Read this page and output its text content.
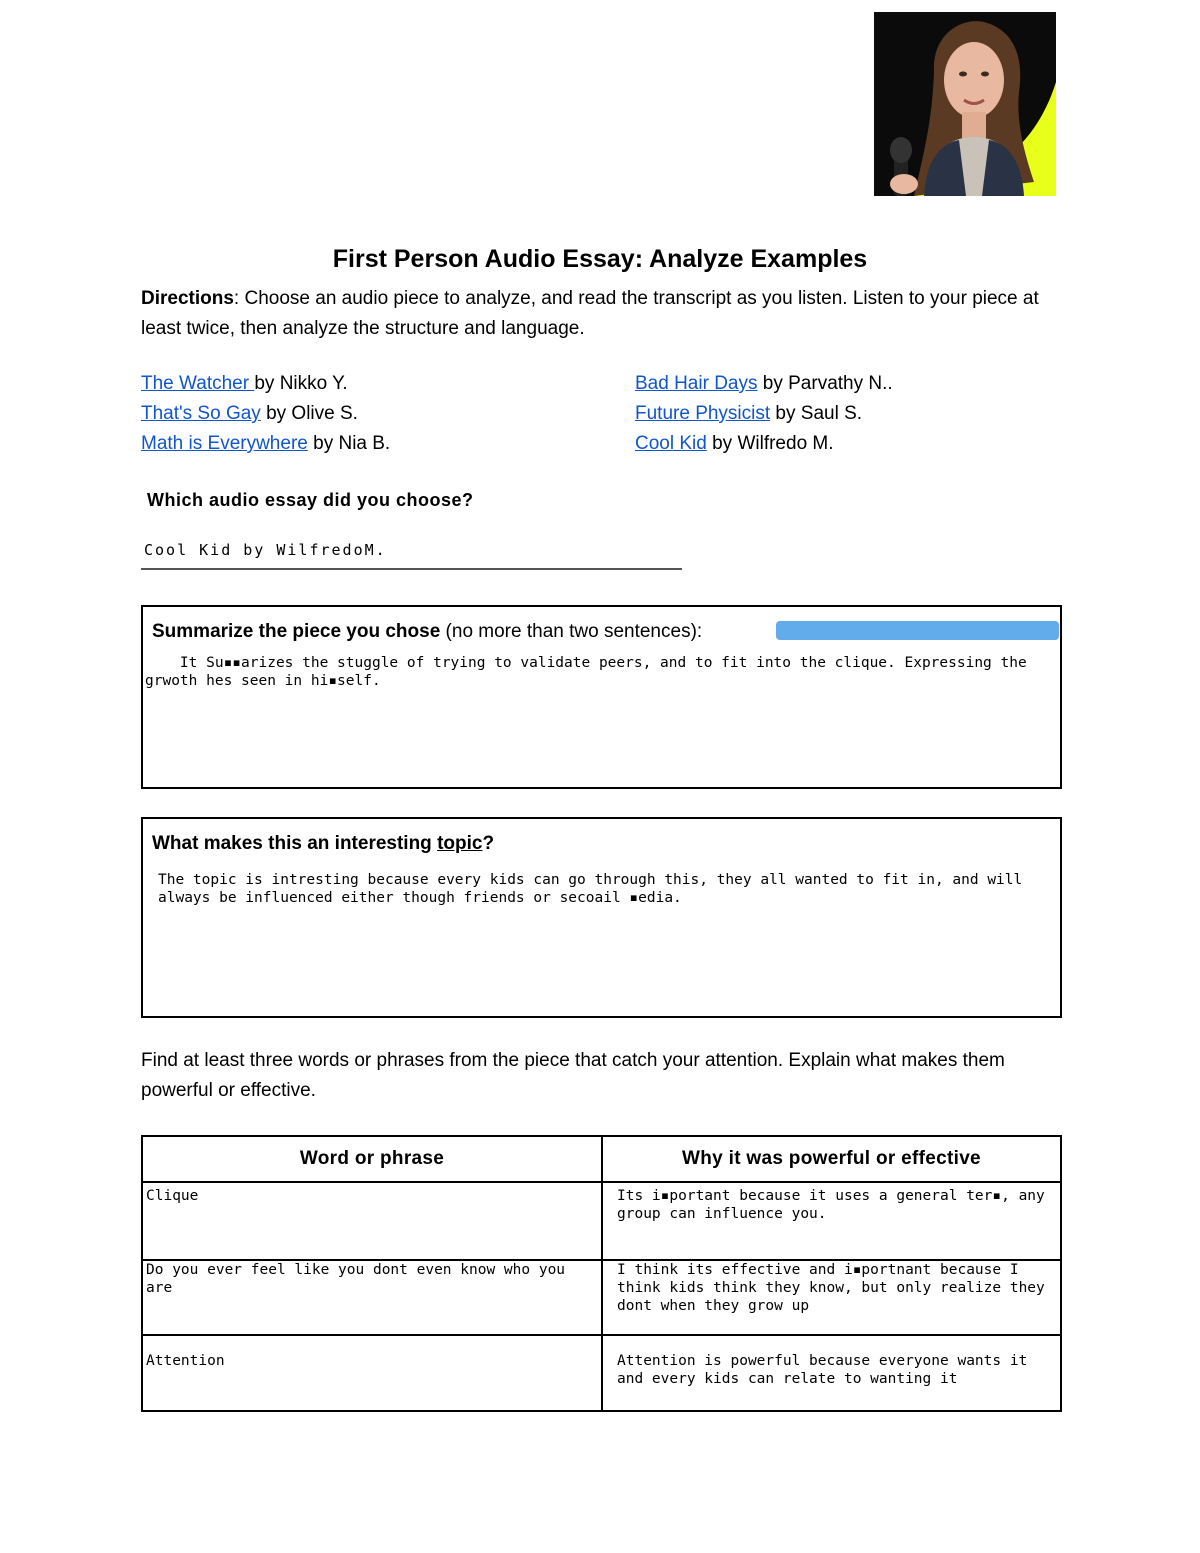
First Person Audio Essay: Analyze Examples
Directions: Choose an audio piece to analyze, and read the transcript as you listen. Listen to your piece at least twice, then analyze the structure and language.
The Watcher by Nikko Y.
That's So Gay by Olive S.
Math is Everywhere by Nia B.
Bad Hair Days by Parvathy N..
Future Physicist by Saul S.
Cool Kid by Wilfredo M.
Which audio essay did you choose?
Cool Kid by WilfredoM.
Summarize the piece you chose (no more than two sentences):
It Su▪▪arizes the stuggle of trying to validate peers, and to fit into the clique. Expressing the grwoth hes seen in hi▪self.
What makes this an interesting topic?
The topic is intresting because every kids can go through this, they all wanted to fit in, and will always be influenced either though friends or secoail ▪edia.
Find at least three words or phrases from the piece that catch your attention. Explain what makes them powerful or effective.
Word or phrase	Why it was powerful or effective

Clique	Its i▪portant because it uses a general ter▪, any group can influence you.

Do you ever feel like you dont even know who you are	I think its effective and i▪portnant because I think kids think they know, but only realize they dont when they grow up

Attention	Attention is powerful because everyone wants it and every kids can relate to wanting it
